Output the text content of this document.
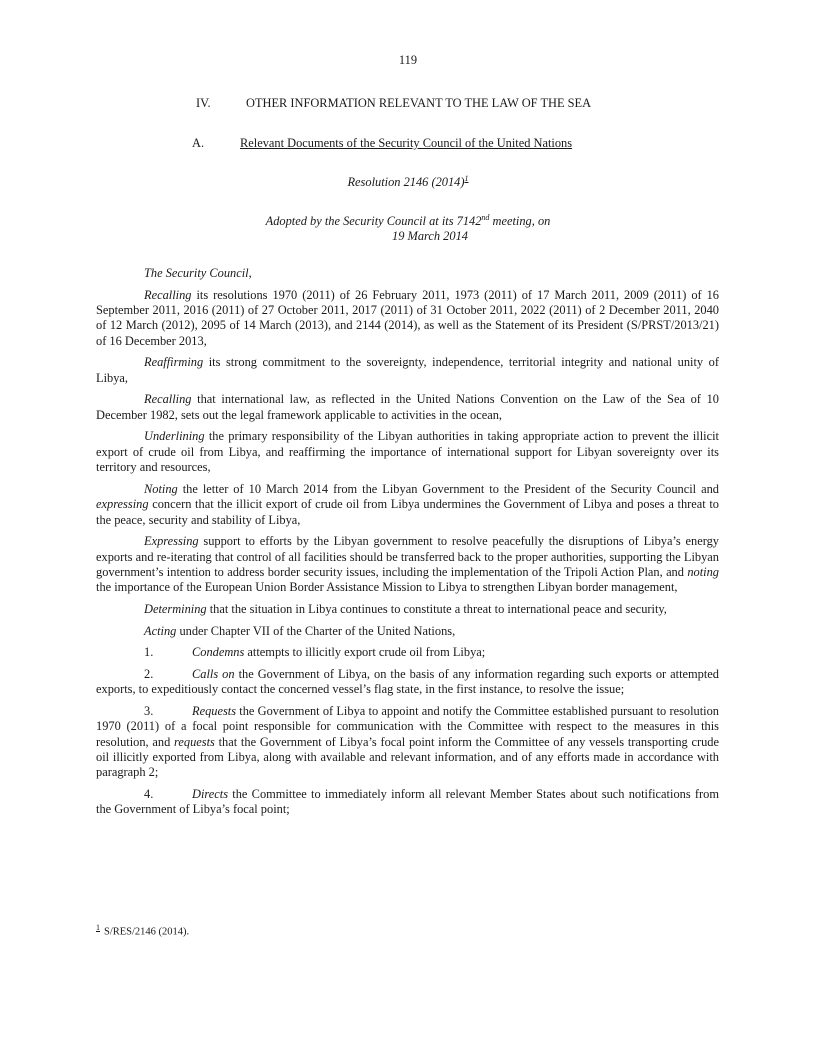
119
IV.	OTHER INFORMATION RELEVANT TO THE LAW OF THE SEA
A.	Relevant Documents of the Security Council of the United Nations
Resolution 2146 (2014)$^1$
Adopted by the Security Council at its 7142nd meeting, on
19 March 2014

The Security Council,

Recalling its resolutions 1970 (2011) of 26 February 2011, 1973 (2011) of 17 March 2011, 2009 (2011) of 16 September 2011, 2016 (2011) of 27 October 2011, 2017 (2011) of 31 October 2011, 2022 (2011) of 2 December 2011, 2040 of 12 March (2012), 2095 of 14 March (2013), and 2144 (2014), as well as the Statement of its President (S/PRST/2013/21) of 16 December 2013,

Reaffirming its strong commitment to the sovereignty, independence, territorial integrity and national unity of Libya,

Recalling that international law, as reflected in the United Nations Convention on the Law of the Sea of 10 December 1982, sets out the legal framework applicable to activities in the ocean,

Underlining the primary responsibility of the Libyan authorities in taking appropriate action to prevent the illicit export of crude oil from Libya, and reaffirming the importance of international support for Libyan sovereignty over its territory and resources,

Noting the letter of 10 March 2014 from the Libyan Government to the President of the Security Council and expressing concern that the illicit export of crude oil from Libya undermines the Government of Libya and poses a threat to the peace, security and stability of Libya,

Expressing support to efforts by the Libyan government to resolve peacefully the disruptions of Libya’s energy exports and re-iterating that control of all facilities should be transferred back to the proper authorities, supporting the Libyan government’s intention to address border security issues, including the implementation of the Tripoli Action Plan, and noting the importance of the European Union Border Assistance Mission to Libya to strengthen Libyan border management,

Determining that the situation in Libya continues to constitute a threat to international peace and security,

Acting under Chapter VII of the Charter of the United Nations,

1.	Condemns attempts to illicitly export crude oil from Libya;

2.	Calls on the Government of Libya, on the basis of any information regarding such exports or attempted exports, to expeditiously contact the concerned vessel’s flag state, in the first instance, to resolve the issue;

3.	Requests the Government of Libya to appoint and notify the Committee established pursuant to resolution 1970 (2011) of a focal point responsible for communication with the Committee with respect to the measures in this resolution, and requests that the Government of Libya’s focal point inform the Committee of any vessels transporting crude oil illicitly exported from Libya, along with available and relevant information, and of any efforts made in accordance with paragraph 2;

4.	Directs the Committee to immediately inform all relevant Member States about such notifications from the Government of Libya’s focal point;

$^1$ S/RES/2146 (2014).
